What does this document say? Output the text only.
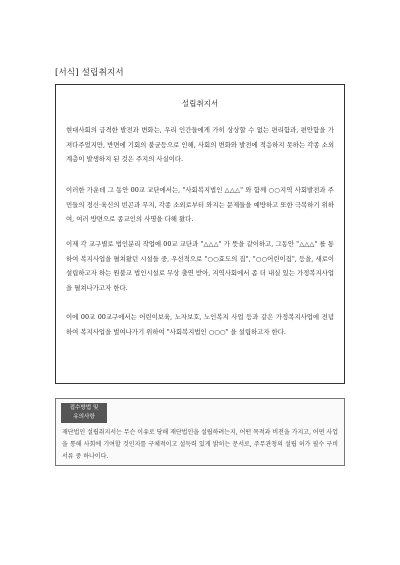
[서식] 설립취지서
설립취지서
현대사회의 급격한 발전과 변화는, 우리 인간들에게 가히 상상할 수 없는 편리함과, 편안함을 가져다주었지만, 반면에 기회의 불균등으로 인해, 사회의 변화와 발전에 적응하지 못하는 각종 소외계층이 발생하지 된 것은 주지의 사실이다.
이러한 가운데 그 동안 00교 교단에서는, "사회복지법인 △△△" 와 함께 ○○지역 사회발전과 주민들의 정신·육신의 빈곤과 무지, 각종 소외로부터 와지는 문제들을 예방하고 또한 극복하기 위하여, 여러 방면으로 종교인의 사명을 다해 왔다.
이제 각 교구별로 법인분리 작업에 00교 교단과 "△△△" 가 뜻을 같이하고, 그동안 "△△△" 를 통하여 복지사업을 펼쳐왔던 시설들 중, 우선적으로 "○○효도의 집", "○○어린이집", 등을, 새로이 설립하고자 하는 원불교 법인시설로 무상 출연 받아, 지역사회에서 좀 더 내실 있는 가정복지사업을 펼쳐나가고자 한다.
이에 00교 00교구에서는 어린이보육, 노자보호, 노인복지 사업 등과 같은 가정복지사업에 전념하여 복지사업을 벌여나가기 위하여 "사회복지법인 ○○○" 을 설립하고자 한다.
접수방법 및
유의사항
재단법인 설립취지서는 무슨 이유로 당해 재단법인을 설립하려는지, 어떤 목적과 비전을 가지고, 어떤 사업을 통해 사회에 기여할 것인지를 구체적이고 설득력 있게 밝히는 문서로, 주무관청의 설립 허가 필수 구비서류 중 하나이다.
